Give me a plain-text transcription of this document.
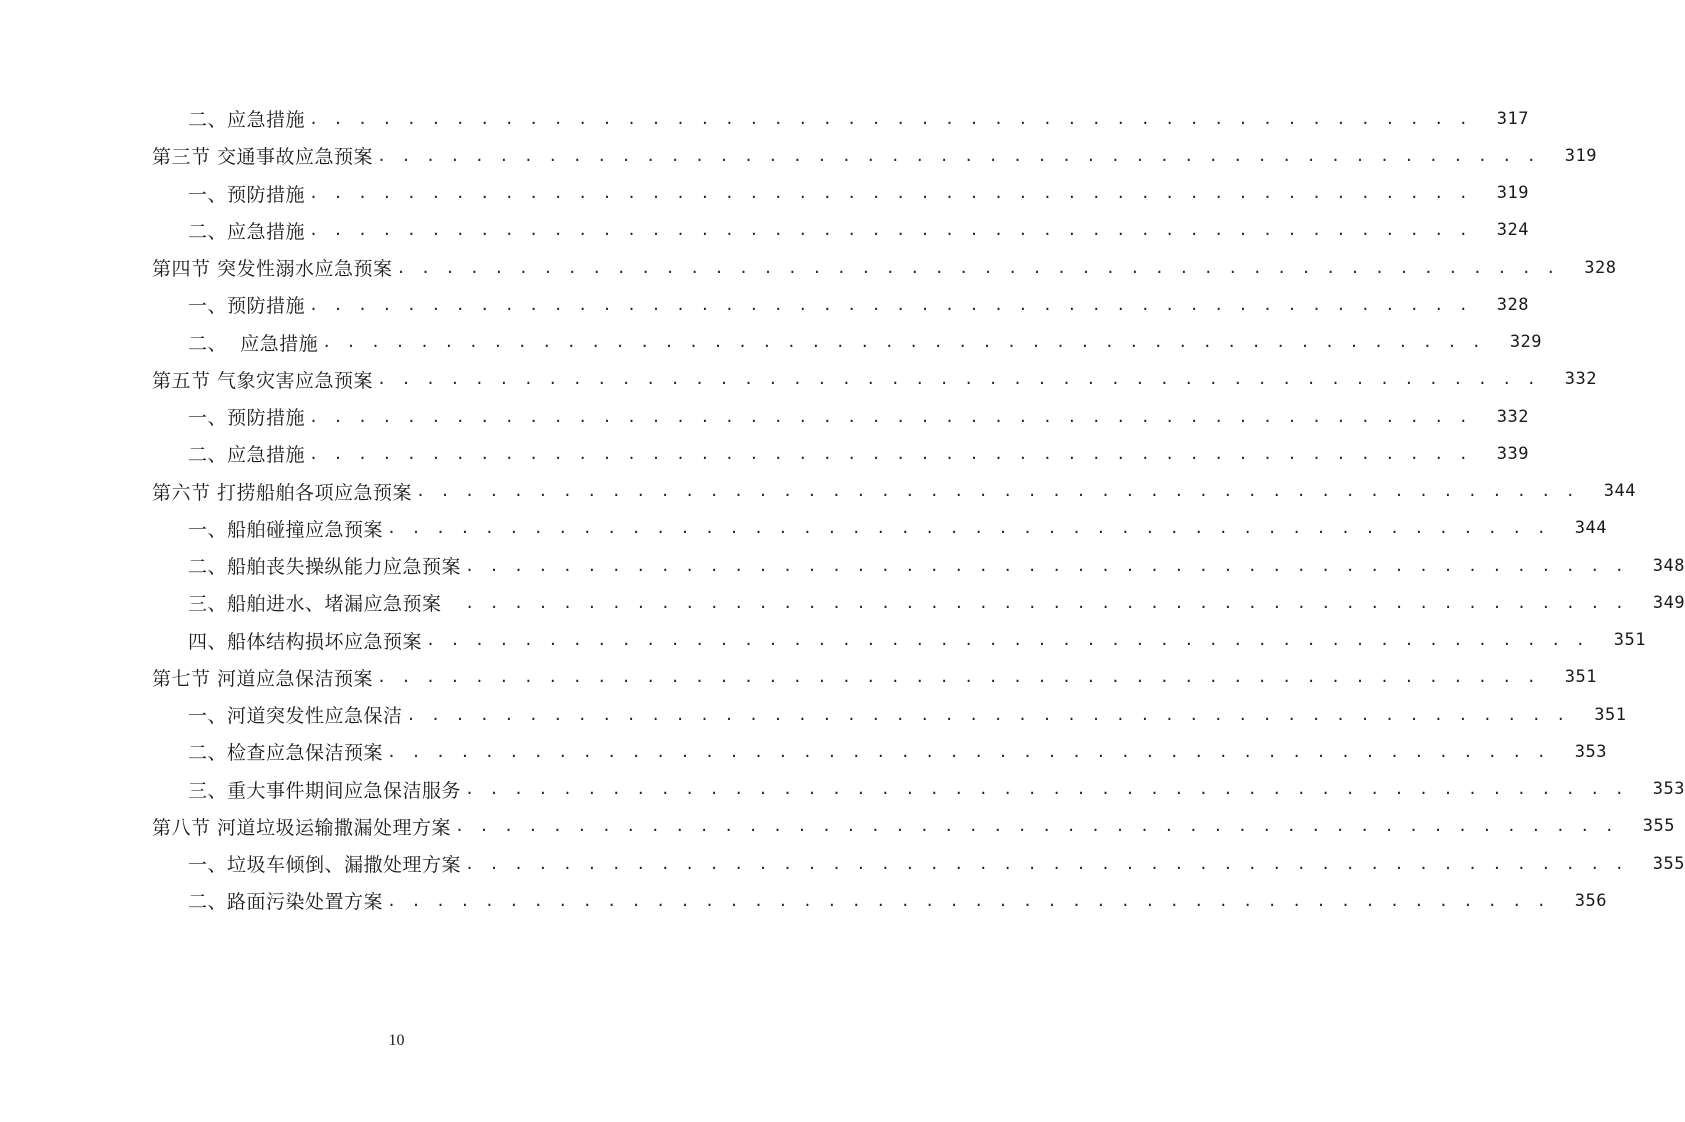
二、应急措施 . . . . . . . . . . . . . . . . . . . . . . . . . . . . . . . . . . . . . . . . . . . . . . . .	317
第三节 交通事故应急预案 . . . . . . . . . . . . . . . . . . . . . . . . . . . . . . . . . . . . . . . . . . . . . . . .	319
一、预防措施 . . . . . . . . . . . . . . . . . . . . . . . . . . . . . . . . . . . . . . . . . . . . . . . .	319
二、应急措施 . . . . . . . . . . . . . . . . . . . . . . . . . . . . . . . . . . . . . . . . . . . . . . . .	324
第四节 突发性溺水应急预案 . . . . . . . . . . . . . . . . . . . . . . . . . . . . . . . . . . . . . . . . . . . . . . . .	328
一、预防措施 . . . . . . . . . . . . . . . . . . . . . . . . . . . . . . . . . . . . . . . . . . . . . . . .	328
二、  应急措施 . . . . . . . . . . . . . . . . . . . . . . . . . . . . . . . . . . . . . . . . . . . . . . . .	329
第五节 气象灾害应急预案 . . . . . . . . . . . . . . . . . . . . . . . . . . . . . . . . . . . . . . . . . . . . . . . .	332
一、预防措施 . . . . . . . . . . . . . . . . . . . . . . . . . . . . . . . . . . . . . . . . . . . . . . . .	332
二、应急措施 . . . . . . . . . . . . . . . . . . . . . . . . . . . . . . . . . . . . . . . . . . . . . . . .	339
第六节 打捞船舶各项应急预案 . . . . . . . . . . . . . . . . . . . . . . . . . . . . . . . . . . . . . . . . . . . . . . . .	344
一、船舶碰撞应急预案 . . . . . . . . . . . . . . . . . . . . . . . . . . . . . . . . . . . . . . . . . . . . . . . .	344
二、船舶丧失操纵能力应急预案 . . . . . . . . . . . . . . . . . . . . . . . . . . . . . . . . . . . . . . . . . . . . . . . .	348
三、船舶进水、堵漏应急预案 . . . . . . . . . . . . . . . . . . . . . . . . . . . . . . . . . . . . . . . . . . . . . . . .	349
四、船体结构损坏应急预案 . . . . . . . . . . . . . . . . . . . . . . . . . . . . . . . . . . . . . . . . . . . . . . . .	351
第七节 河道应急保洁预案 . . . . . . . . . . . . . . . . . . . . . . . . . . . . . . . . . . . . . . . . . . . . . . . .	351
一、河道突发性应急保洁 . . . . . . . . . . . . . . . . . . . . . . . . . . . . . . . . . . . . . . . . . . . . . . . .	351
二、检查应急保洁预案 . . . . . . . . . . . . . . . . . . . . . . . . . . . . . . . . . . . . . . . . . . . . . . . .	353
三、重大事件期间应急保洁服务 . . . . . . . . . . . . . . . . . . . . . . . . . . . . . . . . . . . . . . . . . . . . . . . .	353
第八节 河道垃圾运输撒漏处理方案 . . . . . . . . . . . . . . . . . . . . . . . . . . . . . . . . . . . . . . . . . . . . . . . .	355
一、垃圾车倾倒、漏撒处理方案 . . . . . . . . . . . . . . . . . . . . . . . . . . . . . . . . . . . . . . . . . . . . . . . .	355
二、路面污染处置方案 . . . . . . . . . . . . . . . . . . . . . . . . . . . . . . . . . . . . . . . . . . . . . . . .	356
10
